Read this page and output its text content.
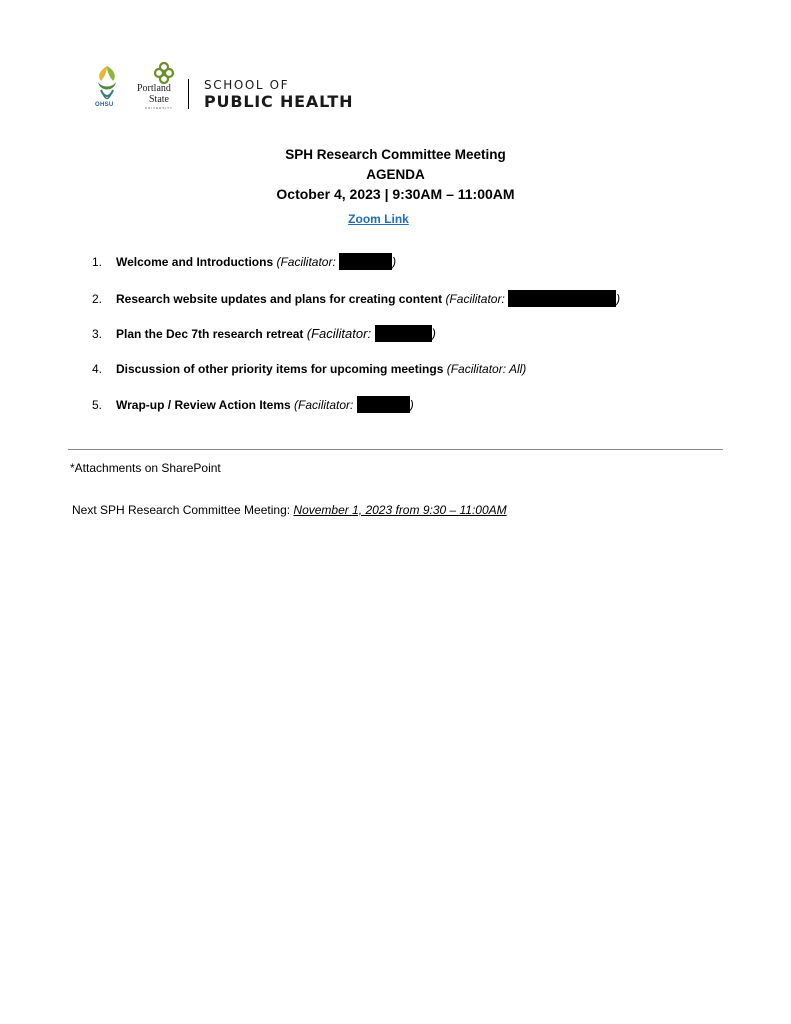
OHSU
Portland
State
UNIVERSITY
SCHOOL OF
PUBLIC HEALTH
SPH Research Committee Meeting
AGENDA
October 4, 2023 | 9:30AM – 11:00AM
Zoom Link
1. Welcome and Introductions (Facilitator:	)
2. Research website updates and plans for creating content (Facilitator:	)
3. Plan the Dec 7th research retreat (Facilitator:	)
4. Discussion of other priority items for upcoming meetings (Facilitator: All)
5. Wrap-up / Review Action Items (Facilitator:	)
*Attachments on SharePoint
Next SPH Research Committee Meeting: November 1, 2023 from 9:30 – 11:00AM
